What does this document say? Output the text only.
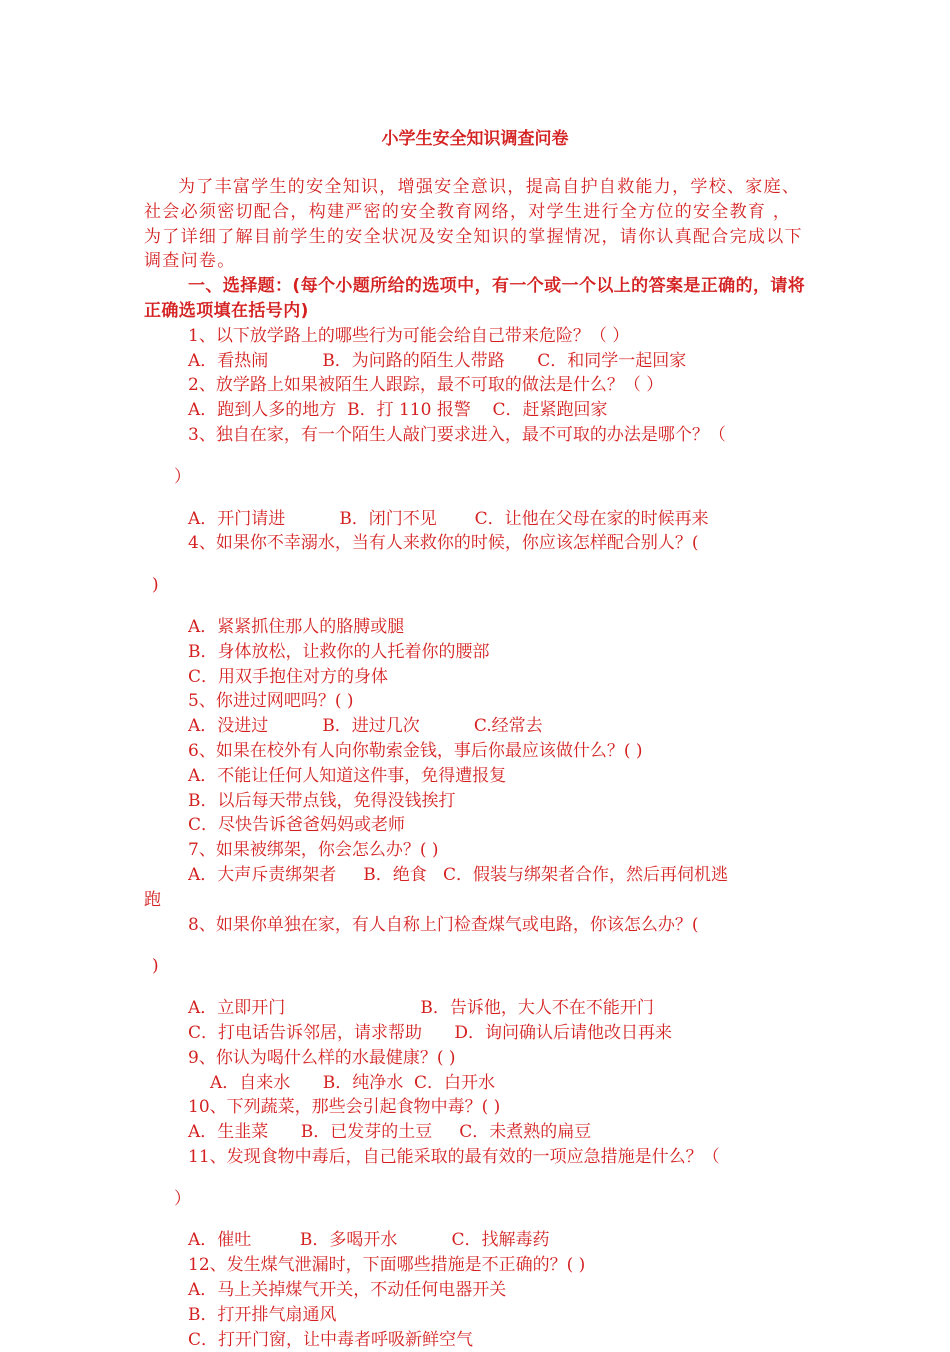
小学生安全知识调查问卷

为了丰富学生的安全知识，增强安全意识，提高自护自救能力，学校、家庭、社会必须密切配合，构建严密的安全教育网络，对学生进行全方位的安全教育 ，为了详细了解目前学生的安全状况及安全知识的掌握情况，请你认真配合完成以下调查问卷。

一、选择题：(每个小题所给的选项中，有一个或一个以上的答案是正确的，请将正确选项填在括号内)

1、以下放学路上的哪些行为可能会给自己带来危险？（ ）

A．看热闹          B．为问路的陌生人带路      C．和同学一起回家

2、放学路上如果被陌生人跟踪，最不可取的做法是什么？（ ）

A．跑到人多的地方  B．打 110 报警    C．赶紧跑回家

3、独自在家，有一个陌生人敲门要求进入，最不可取的办法是哪个？（

）

A．开门请进          B．闭门不见       C．让他在父母在家的时候再来

4、如果你不幸溺水，当有人来救你的时候，你应该怎样配合别人？(

)

A．紧紧抓住那人的胳膊或腿

B．身体放松，让救你的人托着你的腰部

C．用双手抱住对方的身体

5、你进过网吧吗？( )

A．没进过          B．进过几次          C.经常去

6、如果在校外有人向你勒索金钱，事后你最应该做什么？( )

A．不能让任何人知道这件事，免得遭报复

B．以后每天带点钱，免得没钱挨打

C．尽快告诉爸爸妈妈或老师

7、如果被绑架，你会怎么办？( )

A．大声斥责绑架者     B．绝食   C．假装与绑架者合作，然后再伺机逃

跑

8、如果你单独在家，有人自称上门检查煤气或电路，你该怎么办？(

)

A．立即开门                         B．告诉他，大人不在不能开门

C．打电话告诉邻居，请求帮助      D．询问确认后请他改日再来

9、你认为喝什么样的水最健康？( )

A．自来水      B．纯净水  C．白开水

10、下列蔬菜，那些会引起食物中毒？( )

A．生韭菜      B．已发芽的土豆     C．未煮熟的扁豆

11、发现食物中毒后，自己能采取的最有效的一项应急措施是什么？（

）

A．催吐         B．多喝开水          C．找解毒药

12、发生煤气泄漏时，下面哪些措施是不正确的？( )

A．马上关掉煤气开关，不动任何电器开关

B．打开排气扇通风

C．打开门窗，让中毒者呼吸新鲜空气
